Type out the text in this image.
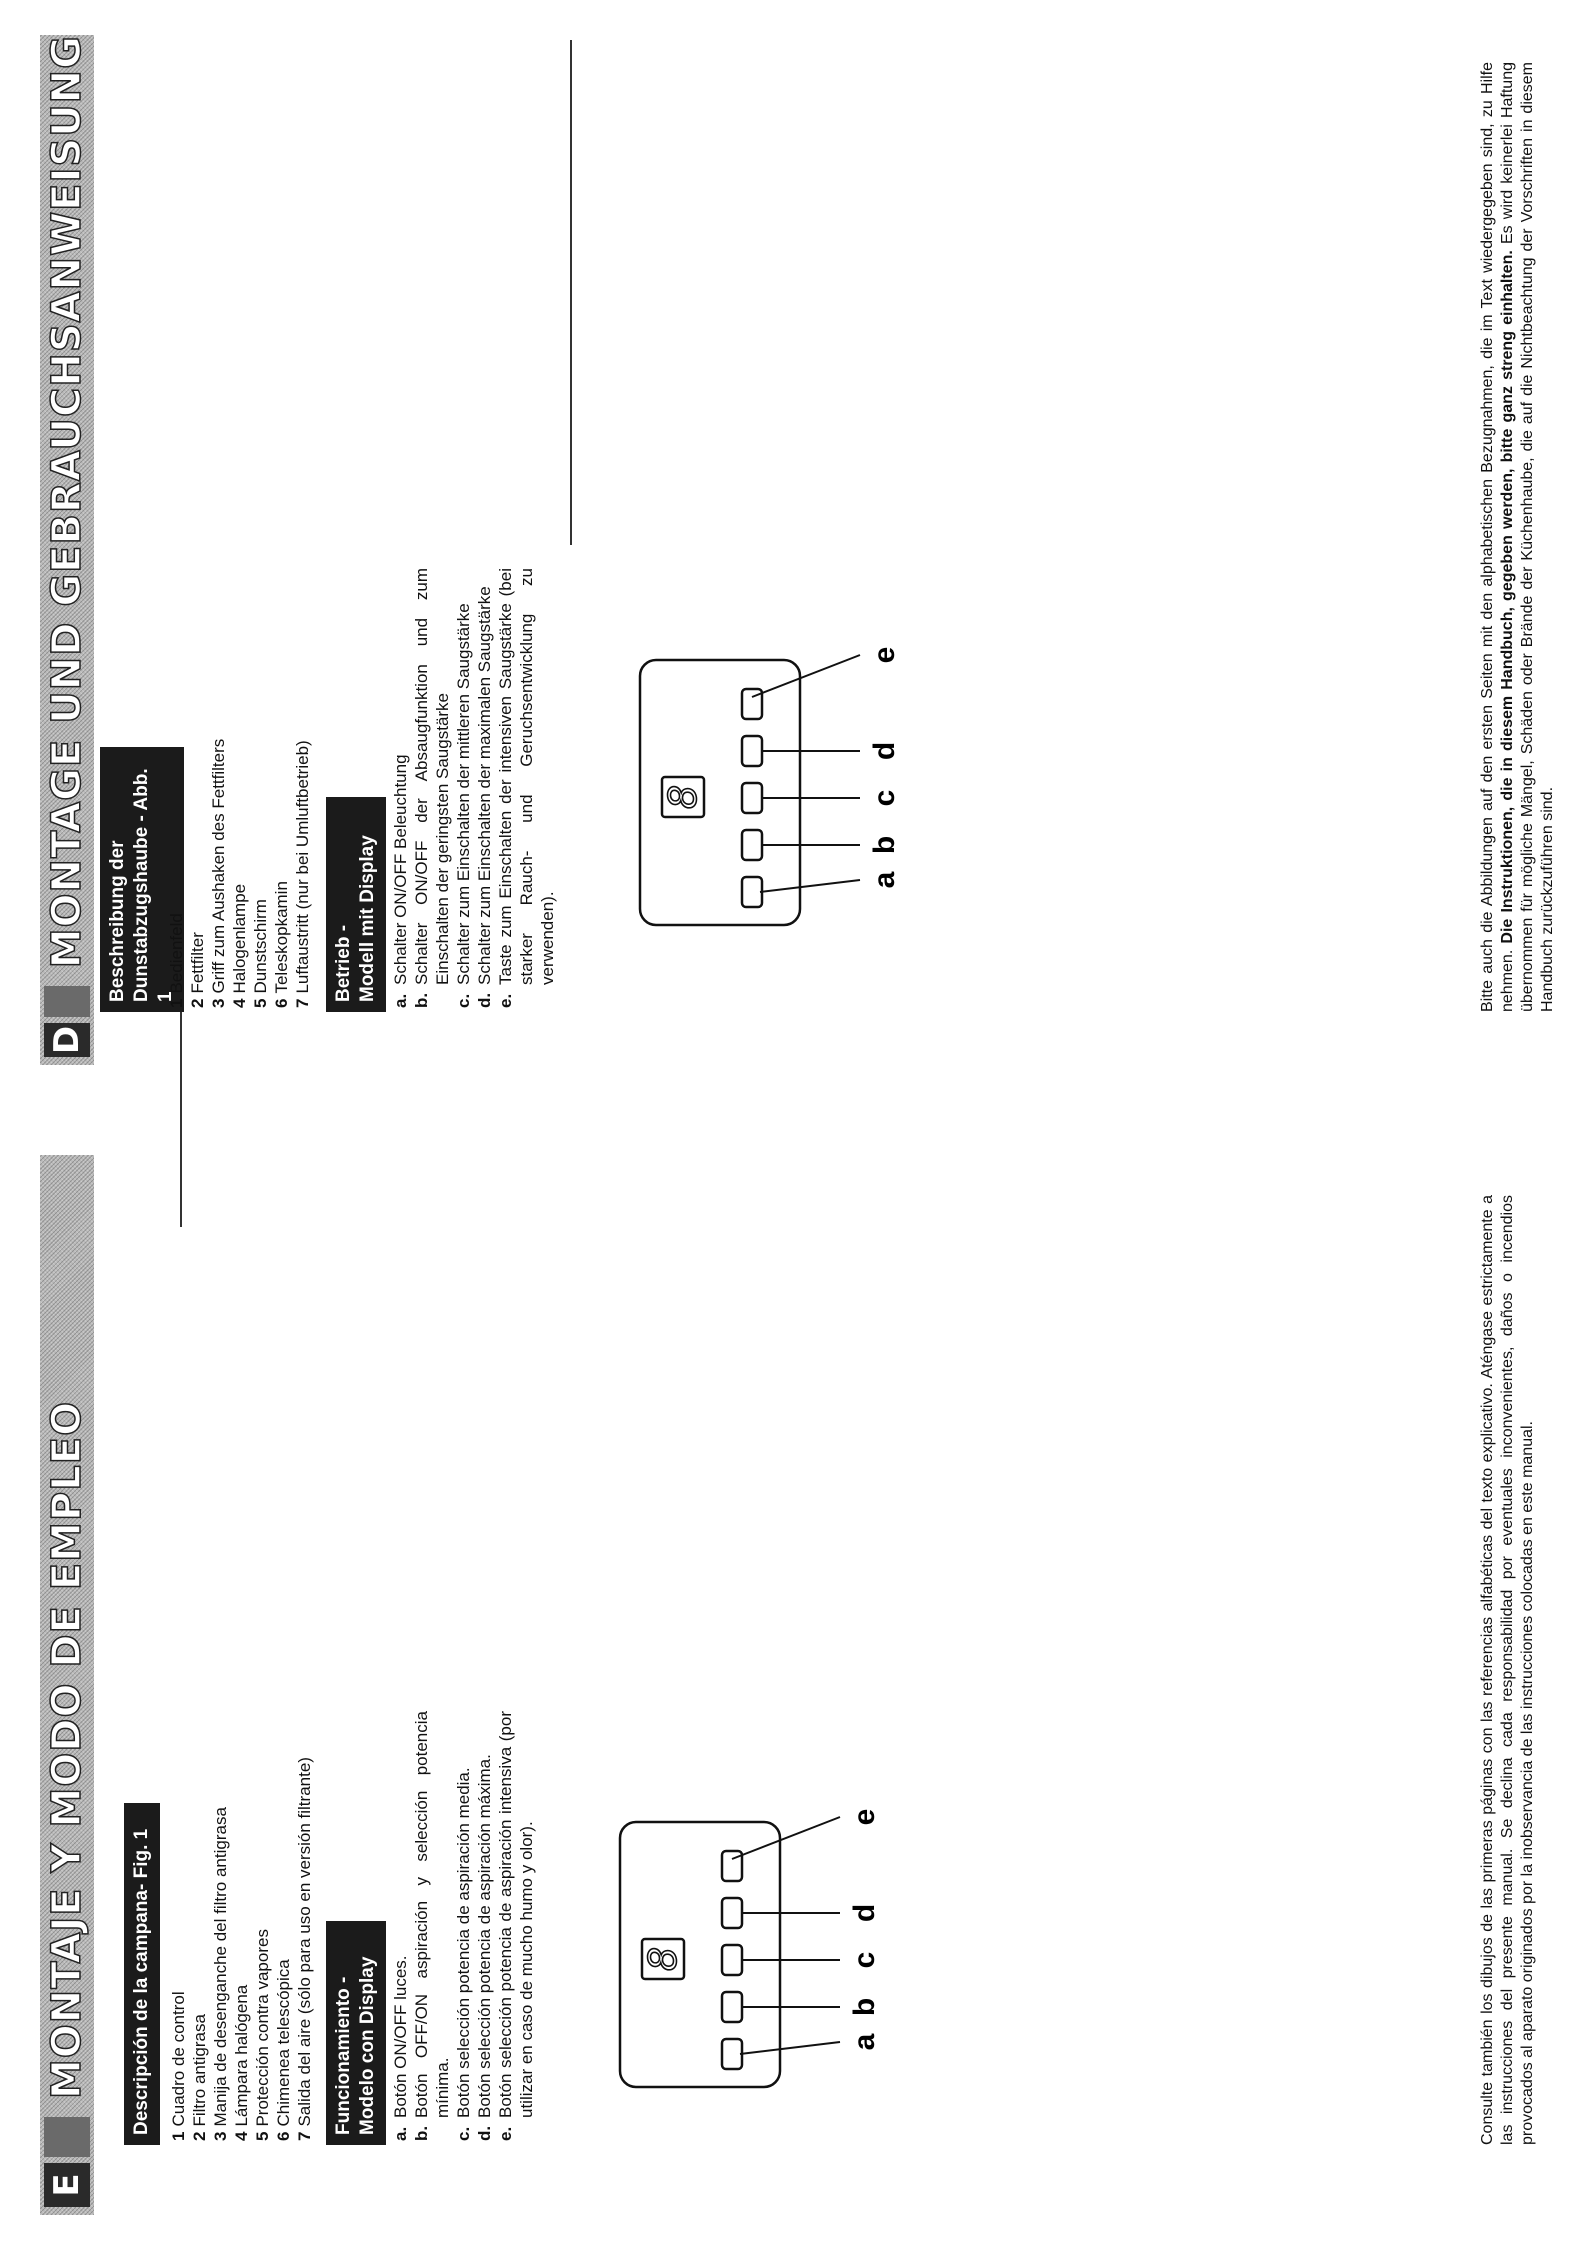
E
MONTAJE Y MODO DE EMPLEO	Descripción de la campana- Fig. 1
1Cuadro de control
2Filtro antigrasa
3Manija de desenganche del filtro antigrasa
4Lámpara halógena
5Protección contra vapores
6Chimenea telescópica
7Salida del aire (sólo para uso en versión filtrante) Funcionamiento - Modelo con Display a.
Botón ON/OFF luces.
b.
Botón OFF/ON aspiración y selección potencia mínima.
c.
Botón selección potencia de aspiración media.
d.
Botón selección potencia de aspiración máxima.
e.
Botón selección potencia de aspiración intensiva (por utilizar en caso de mucho humo y olor).	8
a
b
c
d
e	Consulte también los dibujos de las primeras páginas con las referencias alfabéticas del texto explicativo. Aténgase estrictamente a las instrucciones del presente manual. Se declina cada responsabilidad por eventuales inconvenientes, daños o incendios provocados al aparato originados por la inobservancia de las instrucciones colocadas en este manual.

D
MONTAGE UND GEBRAUCHSANWEISUNG Beschreibung der Dunstabzugshaube - Abb. 1
1Bedienfeld
2Fettfilter
3Griff zum Aushaken des Fettfilters
4Halogenlampe
5Dunstschirm
6Teleskopkamin
7Luftaustritt (nur bei Umluftbetrieb) Betrieb - Modell mit Display a.
Schalter ON/OFF Beleuchtung
b.
Schalter ON/OFF der Absaugfunktion und zum Einschalten der geringsten Saugstärke
c.
Schalter zum Einschalten der mittleren Saugstärke
d.
Schalter zum Einschalten der maximalen Saugstärke
e.
Taste zum Einschalten der intensiven Saugstärke (bei starker Rauch- und Geruchsentwicklung zu verwenden).
8
a
b
c
d
e	Bitte auch die Abbildungen auf den ersten Seiten mit den alphabetischen Bezugnahmen, die im Text wiedergegeben sind, zu Hilfe nehmen. Die Instruktionen, die in diesem Handbuch, gegeben werden, bitte ganz streng einhalten. Es wird keinerlei Haftung übernommen für mögliche Mängel, Schäden oder Brände der Küchenhaube, die auf die Nichtbeachtung der Vorschriften in diesem Handbuch zurückzuführen sind.
